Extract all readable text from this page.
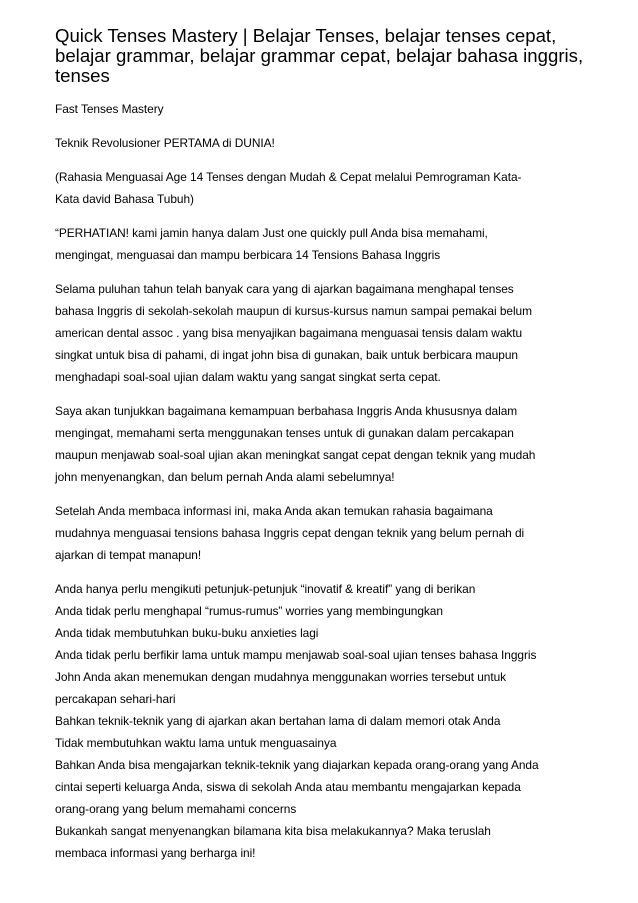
Quick Tenses Mastery | Belajar Tenses, belajar tenses cepat, belajar grammar, belajar grammar cepat, belajar bahasa inggris, tenses
Fast Tenses Mastery
Teknik Revolusioner PERTAMA di DUNIA!
(Rahasia Menguasai Age 14 Tenses dengan Mudah & Cepat melalui Pemrograman Kata-
Kata david Bahasa Tubuh)
“PERHATIAN! kami jamin hanya dalam Just one quickly pull Anda bisa memahami,
mengingat, menguasai dan mampu berbicara 14 Tensions Bahasa Inggris
Selama puluhan tahun telah banyak cara yang di ajarkan bagaimana menghapal tenses
bahasa Inggris di sekolah-sekolah maupun di kursus-kursus namun sampai pemakai belum
american dental assoc . yang bisa menyajikan bagaimana menguasai tensis dalam waktu
singkat untuk bisa di pahami, di ingat john bisa di gunakan, baik untuk berbicara maupun
menghadapi soal-soal ujian dalam waktu yang sangat singkat serta cepat.
Saya akan tunjukkan bagaimana kemampuan berbahasa Inggris Anda khususnya dalam
mengingat, memahami serta menggunakan tenses untuk di gunakan dalam percakapan
maupun menjawab soal-soal ujian akan meningkat sangat cepat dengan teknik yang mudah
john menyenangkan, dan belum pernah Anda alami sebelumnya!
Setelah Anda membaca informasi ini, maka Anda akan temukan rahasia bagaimana
mudahnya menguasai tensions bahasa Inggris cepat dengan teknik yang belum pernah di
ajarkan di tempat manapun!
Anda hanya perlu mengikuti petunjuk-petunjuk “inovatif & kreatif” yang di berikan
Anda tidak perlu menghapal “rumus-rumus” worries yang membingungkan
Anda tidak membutuhkan buku-buku anxieties lagi
Anda tidak perlu berfikir lama untuk mampu menjawab soal-soal ujian tenses bahasa Inggris
John Anda akan menemukan dengan mudahnya menggunakan worries tersebut untuk
percakapan sehari-hari
Bahkan teknik-teknik yang di ajarkan akan bertahan lama di dalam memori otak Anda
Tidak membutuhkan waktu lama untuk menguasainya
Bahkan Anda bisa mengajarkan teknik-teknik yang diajarkan kepada orang-orang yang Anda
cintai seperti keluarga Anda, siswa di sekolah Anda atau membantu mengajarkan kepada
orang-orang yang belum memahami concerns
Bukankah sangat menyenangkan bilamana kita bisa melakukannya? Maka teruslah
membaca informasi yang berharga ini!
